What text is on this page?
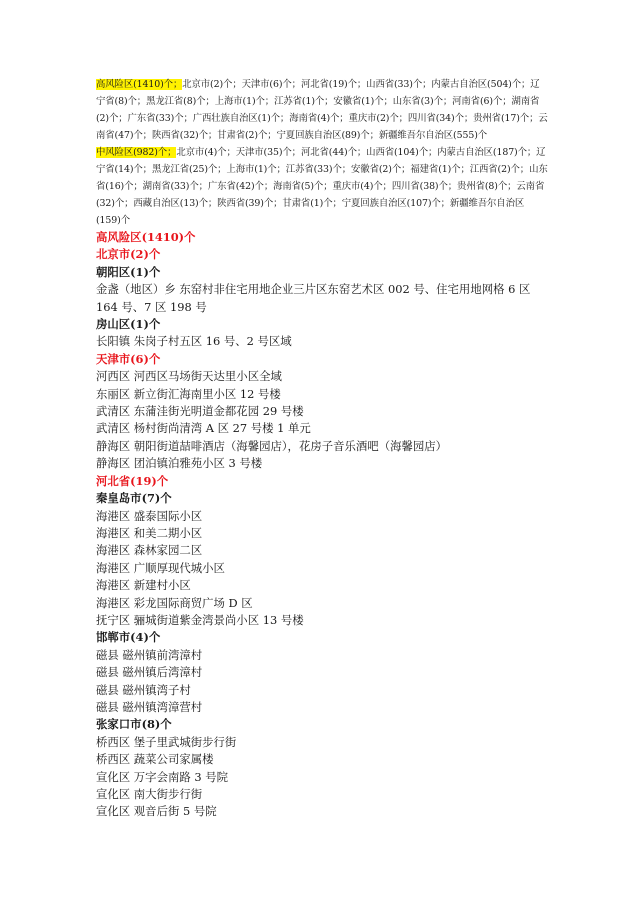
高风险区(1410)个；北京市(2)个；天津市(6)个；河北省(19)个；山西省(33)个；内蒙古自治区(504)个；辽宁省(8)个；黑龙江省(8)个；上海市(1)个；江苏省(1)个；安徽省(1)个；山东省(3)个；河南省(6)个；湖南省(2)个；广东省(33)个；广西壮族自治区(1)个；海南省(4)个；重庆市(2)个；四川省(34)个；贵州省(17)个；云南省(47)个；陕西省(32)个；甘肃省(2)个；宁夏回族自治区(89)个；新疆维吾尔自治区(555)个

中风险区(982)个；北京市(4)个；天津市(35)个；河北省(44)个；山西省(104)个；内蒙古自治区(187)个；辽宁省(14)个；黑龙江省(25)个；上海市(1)个；江苏省(33)个；安徽省(2)个；福建省(1)个；江西省(2)个；山东省(16)个；湖南省(33)个；广东省(42)个；海南省(5)个；重庆市(4)个；四川省(38)个；贵州省(8)个；云南省(32)个；西藏自治区(13)个；陕西省(39)个；甘肃省(1)个；宁夏回族自治区(107)个；新疆维吾尔自治区(159)个

高风险区(1410)个
北京市(2)个
朝阳区(1)个
金盏（地区）乡 东窑村非住宅用地企业三片区东窑艺术区 002 号、住宅用地网格 6 区 164 号、7 区 198 号
房山区(1)个
长阳镇 朱岗子村五区 16 号、2 号区域
天津市(6)个
河西区 河西区马场街天达里小区全域
东丽区 新立街汇海南里小区 12 号楼
武清区 东蒲洼街光明道金都花园 29 号楼
武清区 杨村街尚清湾 A 区 27 号楼 1 单元
静海区 朝阳街道喆啡酒店（海馨园店），花房子音乐酒吧（海馨园店）
静海区 团泊镇泊雅苑小区 3 号楼
河北省(19)个
秦皇岛市(7)个
海港区 盛泰国际小区
海港区 和美二期小区
海港区 森林家园二区
海港区 广顺厚现代城小区
海港区 新建村小区
海港区 彩龙国际商贸广场 D 区
抚宁区 骊城街道紫金湾景尚小区 13 号楼
邯郸市(4)个
磁县 磁州镇前湾漳村
磁县 磁州镇后湾漳村
磁县 磁州镇湾子村
磁县 磁州镇湾漳营村
张家口市(8)个
桥西区 堡子里武城街步行街
桥西区 蔬菜公司家属楼
宣化区 万字会南路 3 号院
宣化区 南大街步行街
宣化区 观音后街 5 号院
